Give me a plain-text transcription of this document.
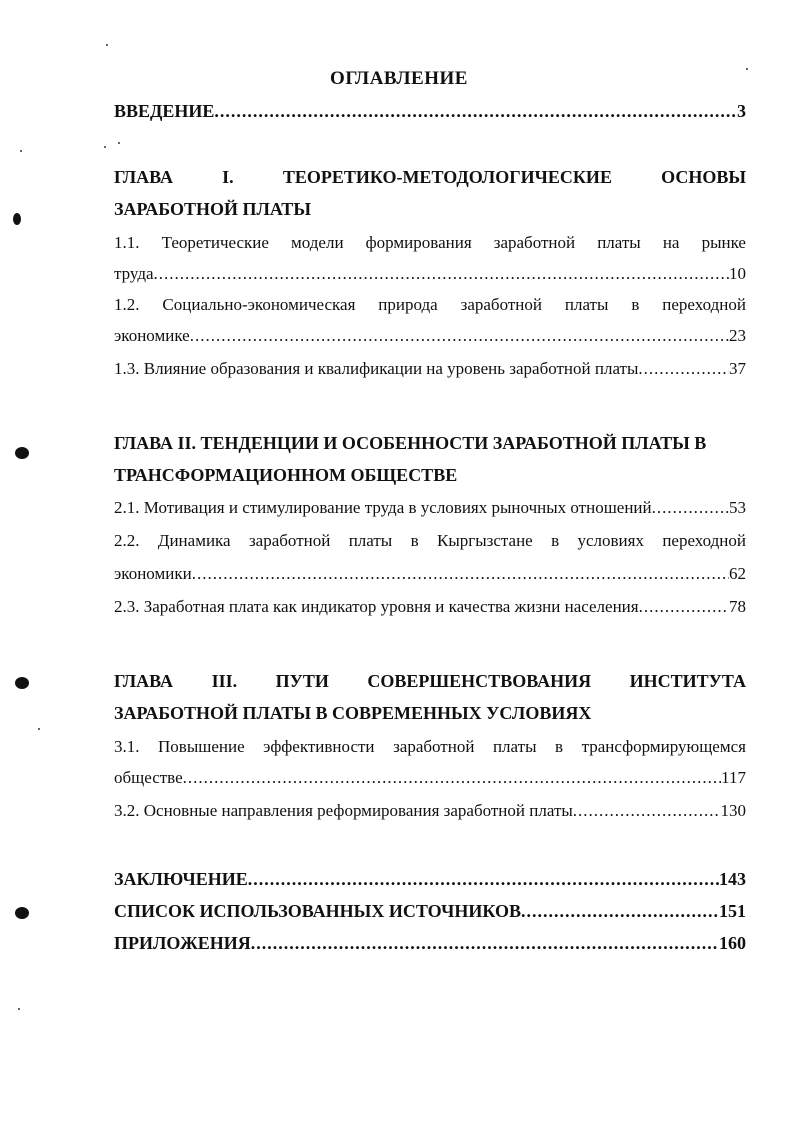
ОГЛАВЛЕНИЕ
ВВЕДЕНИЕ .....	3
ГЛАВА	I.	ТЕОРЕТИКО-МЕТОДОЛОГИЧЕСКИЕ	ОСНОВЫ
ЗАРАБОТНОЙ ПЛАТЫ
1.1. Теоретические модели формирования заработной платы на рынке
труда .....	10
1.2. Социально-экономическая природа заработной платы в переходной
экономике .....	23
1.3. Влияние образования и квалификации на уровень заработной платы .....	37
ГЛАВА II. ТЕНДЕНЦИИ И ОСОБЕННОСТИ ЗАРАБОТНОЙ ПЛАТЫ В
ТРАНСФОРМАЦИОННОМ ОБЩЕСТВЕ
2.1. Мотивация и стимулирование труда в условиях рыночных отношений .....	53
2.2. Динамика заработной платы в Кыргызстане в условиях переходной
экономики .....	62
2.3. Заработная плата как индикатор уровня и качества жизни населения .....	78
ГЛАВА III. ПУТИ СОВЕРШЕНСТВОВАНИЯ ИНСТИТУТА
ЗАРАБОТНОЙ ПЛАТЫ В СОВРЕМЕННЫХ УСЛОВИЯХ
3.1. Повышение эффективности заработной платы в трансформирующемся
обществе .....	117
3.2. Основные направления реформирования заработной платы .....	130
ЗАКЛЮЧЕНИЕ .....	143
СПИСОК ИСПОЛЬЗОВАННЫХ ИСТОЧНИКОВ .....	151
ПРИЛОЖЕНИЯ .....	160
